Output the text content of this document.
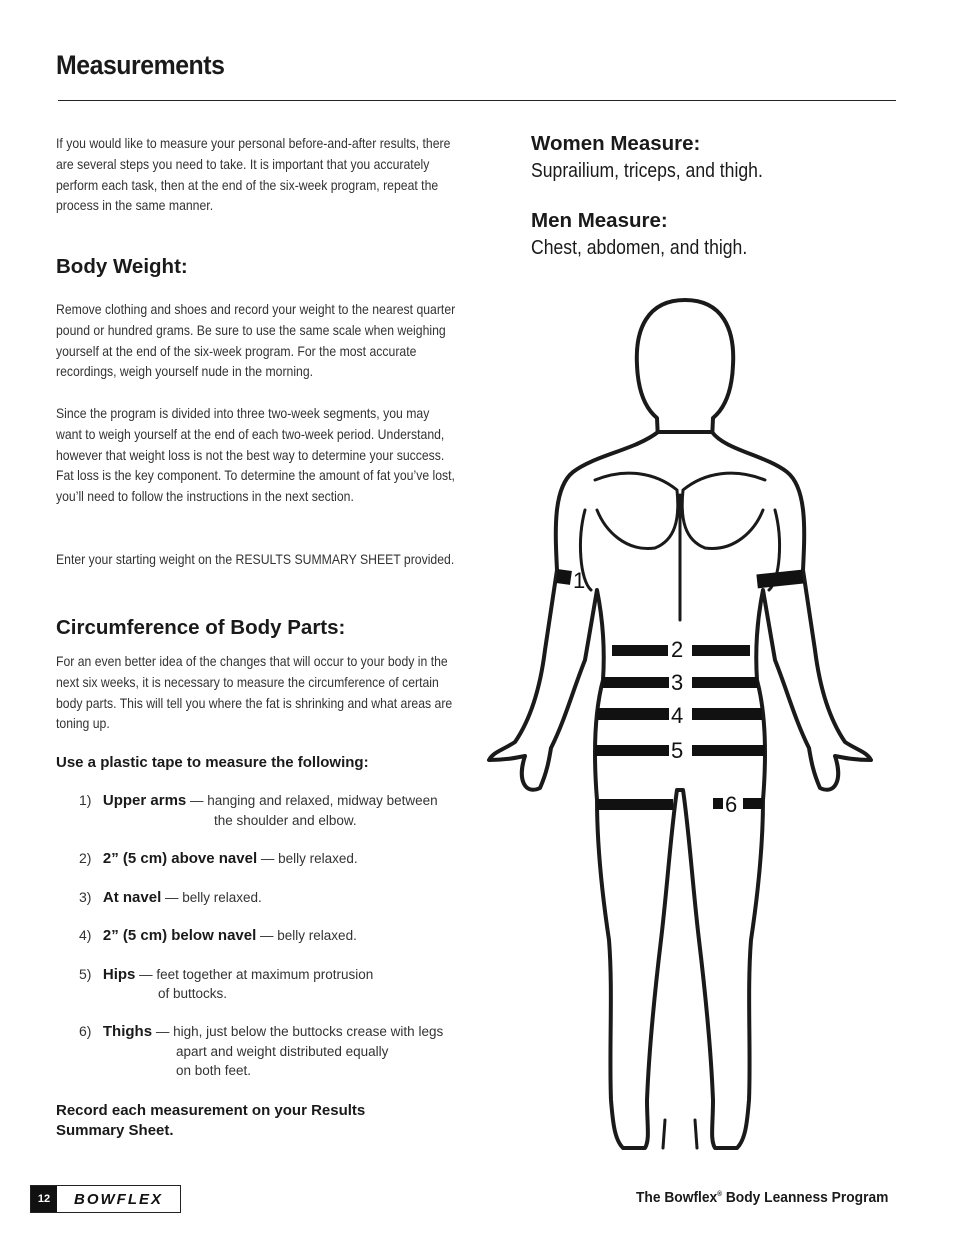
Measurements

If you would like to measure your personal before-and-after results, there are several steps you need to take. It is important that you accurately perform each task, then at the end of the six-week program, repeat the process in the same manner.

Body Weight:

Remove clothing and shoes and record your weight to the nearest quarter pound or hundred grams. Be sure to use the same scale when weighing yourself at the end of the six-week program. For the most accurate recordings, weigh yourself nude in the morning.

Since the program is divided into three two-week segments, you may want to weigh yourself at the end of each two-week period. Understand, however that weight loss is not the best way to determine your success. Fat loss is the key component. To determine the amount of fat you’ve lost, you’ll need to follow the instructions in the next section.

Enter your starting weight on the RESULTS SUMMARY SHEET provided.

Circumference of Body Parts:

For an even better idea of the changes that will occur to your body in the next six weeks, it is necessary to measure the circumference of certain body parts. This will tell you where the fat is shrinking and what areas are toning up.

Use a plastic tape to measure the following:
1) Upper arms — hanging and relaxed, midway between
the shoulder and elbow.
2) 2” (5 cm) above navel — belly relaxed.
3) At navel — belly relaxed.
4) 2” (5 cm) below navel — belly relaxed.
5) Hips — feet together at maximum protrusion
of buttocks.
6) Thighs — high, just below the buttocks crease with legs
apart and weight distributed equally
on both feet.
Record each measurement on your Results Summary Sheet.
Women Measure:
Suprailium, triceps, and thigh.
Men Measure:
Chest, abdomen, and thigh.
1
2
3
4
5
6
12	BOWFLEX	The Bowflex® Body Leanness Program
